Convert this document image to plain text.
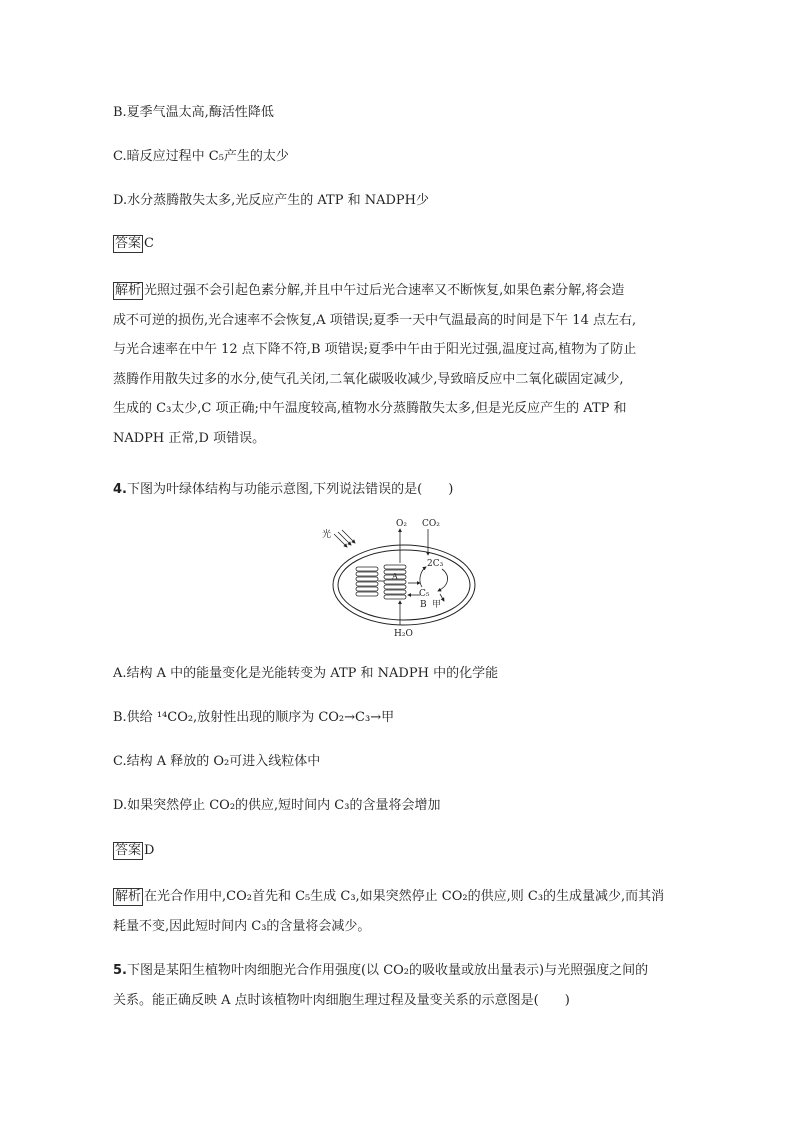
B.夏季气温太高,酶活性降低
C.暗反应过程中 C₅产生的太少
D.水分蒸腾散失太多,光反应产生的 ATP 和 NADPH少
答案 C
解析 光照过强不会引起色素分解,并且中午过后光合速率又不断恢复,如果色素分解,将会造
成不可逆的损伤,光合速率不会恢复,A 项错误;夏季一天中气温最高的时间是下午 14 点左右,
与光合速率在中午 12 点下降不符,B 项错误;夏季中午由于阳光过强,温度过高,植物为了防止
蒸腾作用散失过多的水分,使气孔关闭,二氧化碳吸收减少,导致暗反应中二氧化碳固定减少,
生成的 C₃太少,C 项正确;中午温度较高,植物水分蒸腾散失太多,但是光反应产生的 ATP 和
NADPH 正常,D 项错误。
4.下图为叶绿体结构与功能示意图,下列说法错误的是(　　)
光
A
O₂
H₂O
CO₂
2C₃
C₅
B 甲
A.结构 A 中的能量变化是光能转变为 ATP 和 NADPH 中的化学能
B.供给 ¹⁴CO₂,放射性出现的顺序为 CO₂→C₃→甲
C.结构 A 释放的 O₂可进入线粒体中
D.如果突然停止 CO₂的供应,短时间内 C₃的含量将会增加
答案 D
解析 在光合作用中,CO₂首先和 C₅生成 C₃,如果突然停止 CO₂的供应,则 C₃的生成量减少,而其消
耗量不变,因此短时间内 C₃的含量将会减少。
5.下图是某阳生植物叶肉细胞光合作用强度(以 CO₂的吸收量或放出量表示)与光照强度之间的
关系。能正确反映 A 点时该植物叶肉细胞生理过程及量变关系的示意图是(　　)
